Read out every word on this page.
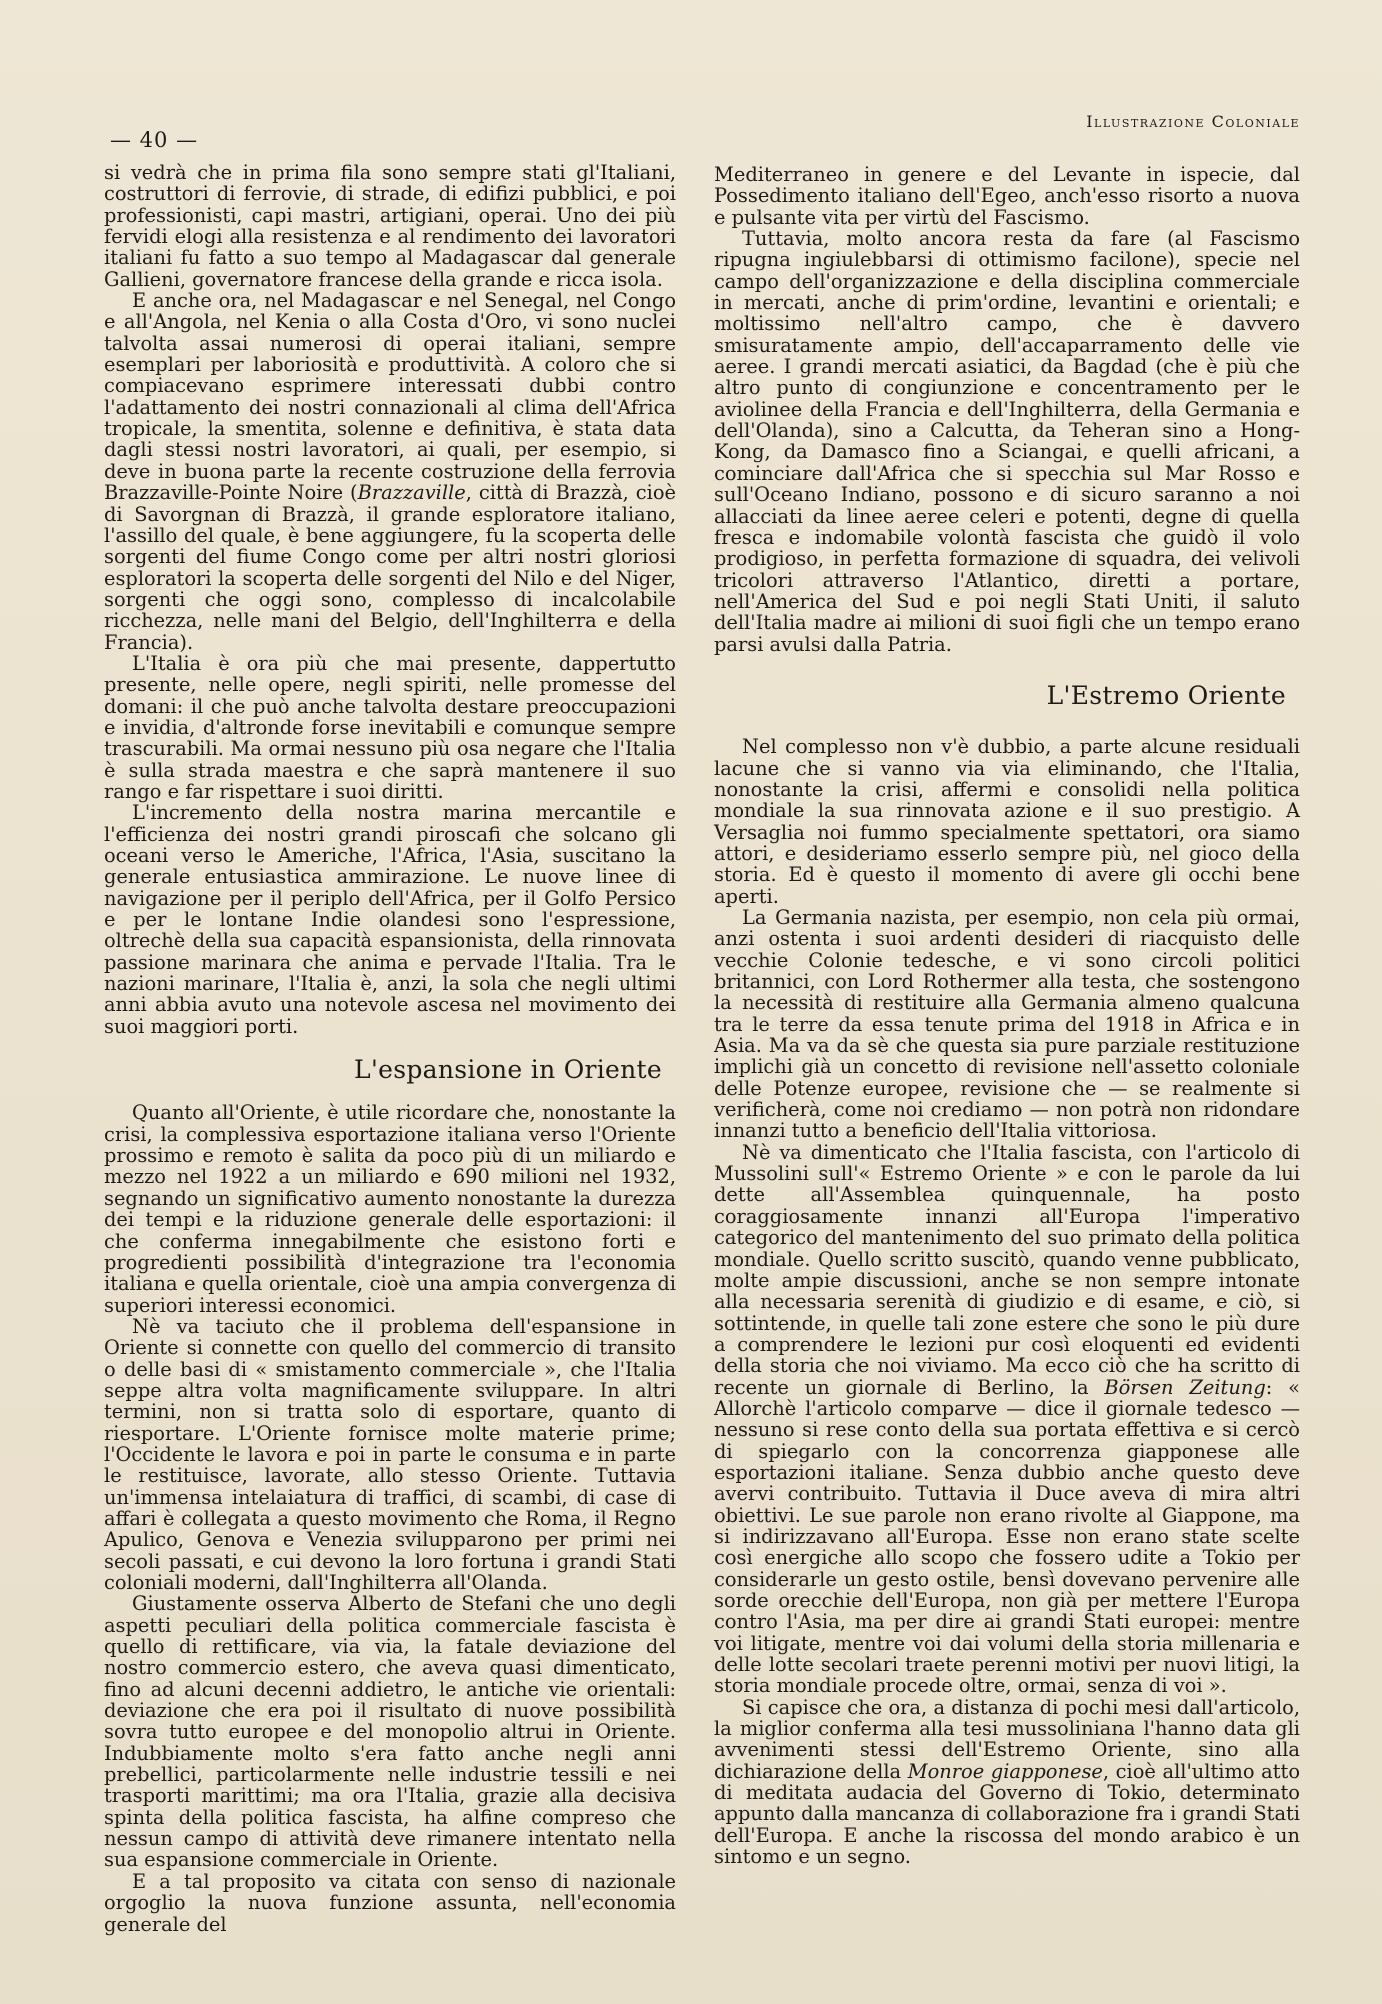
— 40 —
Illustrazione Coloniale

si vedrà che in prima fila sono sempre stati gl'Italiani, costruttori di ferrovie, di strade, di edifizi pubblici, e poi professionisti, capi mastri, artigiani, operai. Uno dei più fervidi elogi alla resistenza e al rendimento dei lavoratori italiani fu fatto a suo tempo al Madagascar dal generale Gallieni, governatore francese della grande e ricca isola.

E anche ora, nel Madagascar e nel Senegal, nel Congo e all'Angola, nel Kenia o alla Costa d'Oro, vi sono nuclei talvolta assai numerosi di operai italiani, sempre esemplari per laboriosità e produttività. A coloro che si compiacevano esprimere interessati dubbi contro l'adattamento dei nostri connazionali al clima dell'Africa tropicale, la smentita, solenne e definitiva, è stata data dagli stessi nostri lavoratori, ai quali, per esempio, si deve in buona parte la recente costruzione della ferrovia Brazzaville-Pointe Noire (Brazzaville, città di Brazzà, cioè di Savorgnan di Brazzà, il grande esploratore italiano, l'assillo del quale, è bene aggiungere, fu la scoperta delle sorgenti del fiume Congo come per altri nostri gloriosi esploratori la scoperta delle sorgenti del Nilo e del Niger, sorgenti che oggi sono, complesso di incalcolabile ricchezza, nelle mani del Belgio, dell'Inghilterra e della Francia).

L'Italia è ora più che mai presente, dappertutto presente, nelle opere, negli spiriti, nelle promesse del domani: il che può anche talvolta destare preoccupazioni e invidia, d'altronde forse inevitabili e comunque sempre trascurabili. Ma ormai nessuno più osa negare che l'Italia è sulla strada maestra e che saprà mantenere il suo rango e far rispettare i suoi diritti.

L'incremento della nostra marina mercantile e l'efficienza dei nostri grandi piroscafi che solcano gli oceani verso le Americhe, l'Africa, l'Asia, suscitano la generale entusiastica ammirazione. Le nuove linee di navigazione per il periplo dell'Africa, per il Golfo Persico e per le lontane Indie olandesi sono l'espressione, oltrechè della sua capacità espansionista, della rinnovata passione marinara che anima e pervade l'Italia. Tra le nazioni marinare, l'Italia è, anzi, la sola che negli ultimi anni abbia avuto una notevole ascesa nel movimento dei suoi maggiori porti.

L'espansione in Oriente

Quanto all'Oriente, è utile ricordare che, nonostante la crisi, la complessiva esportazione italiana verso l'Oriente prossimo e remoto è salita da poco più di un miliardo e mezzo nel 1922 a un miliardo e 690 milioni nel 1932, segnando un significativo aumento nonostante la durezza dei tempi e la riduzione generale delle esportazioni: il che conferma innegabilmente che esistono forti e progredienti possibilità d'integrazione tra l'economia italiana e quella orientale, cioè una ampia convergenza di superiori interessi economici.

Nè va taciuto che il problema dell'espansione in Oriente si connette con quello del commercio di transito o delle basi di « smistamento commerciale », che l'Italia seppe altra volta magnificamente sviluppare. In altri termini, non si tratta solo di esportare, quanto di riesportare. L'Oriente fornisce molte materie prime; l'Occidente le lavora e poi in parte le consuma e in parte le restituisce, lavorate, allo stesso Oriente. Tuttavia un'immensa intelaiatura di traffici, di scambi, di case di affari è collegata a questo movimento che Roma, il Regno Apulico, Genova e Venezia svilupparono per primi nei secoli passati, e cui devono la loro fortuna i grandi Stati coloniali moderni, dall'Inghilterra all'Olanda.

Giustamente osserva Alberto de Stefani che uno degli aspetti peculiari della politica commerciale fascista è quello di rettificare, via via, la fatale deviazione del nostro commercio estero, che aveva quasi dimenticato, fino ad alcuni decenni addietro, le antiche vie orientali: deviazione che era poi il risultato di nuove possibilità sovra tutto europee e del monopolio altrui in Oriente. Indubbiamente molto s'era fatto anche negli anni prebellici, particolarmente nelle industrie tessili e nei trasporti marittimi; ma ora l'Italia, grazie alla decisiva spinta della politica fascista, ha alfine compreso che nessun campo di attività deve rimanere intentato nella sua espansione commerciale in Oriente.

E a tal proposito va citata con senso di nazionale orgoglio la nuova funzione assunta, nell'economia generale del

Mediterraneo in genere e del Levante in ispecie, dal Possedimento italiano dell'Egeo, anch'esso risorto a nuova e pulsante vita per virtù del Fascismo.

Tuttavia, molto ancora resta da fare (al Fascismo ripugna ingiulebbarsi di ottimismo facilone), specie nel campo dell'organizzazione e della disciplina commerciale in mercati, anche di prim'ordine, levantini e orientali; e moltissimo nell'altro campo, che è davvero smisuratamente ampio, dell'accaparramento delle vie aeree. I grandi mercati asiatici, da Bagdad (che è più che altro punto di congiunzione e concentramento per le aviolinee della Francia e dell'Inghilterra, della Germania e dell'Olanda), sino a Calcutta, da Teheran sino a Hong-Kong, da Damasco fino a Sciangai, e quelli africani, a cominciare dall'Africa che si specchia sul Mar Rosso e sull'Oceano Indiano, possono e di sicuro saranno a noi allacciati da linee aeree celeri e potenti, degne di quella fresca e indomabile volontà fascista che guidò il volo prodigioso, in perfetta formazione di squadra, dei velivoli tricolori attraverso l'Atlantico, diretti a portare, nell'America del Sud e poi negli Stati Uniti, il saluto dell'Italia madre ai milioni di suoi figli che un tempo erano parsi avulsi dalla Patria.

L'Estremo Oriente

Nel complesso non v'è dubbio, a parte alcune residuali lacune che si vanno via via eliminando, che l'Italia, nonostante la crisi, affermi e consolidi nella politica mondiale la sua rinnovata azione e il suo prestigio. A Versaglia noi fummo specialmente spettatori, ora siamo attori, e desideriamo esserlo sempre più, nel gioco della storia. Ed è questo il momento di avere gli occhi bene aperti.

La Germania nazista, per esempio, non cela più ormai, anzi ostenta i suoi ardenti desideri di riacquisto delle vecchie Colonie tedesche, e vi sono circoli politici britannici, con Lord Rothermer alla testa, che sostengono la necessità di restituire alla Germania almeno qualcuna tra le terre da essa tenute prima del 1918 in Africa e in Asia. Ma va da sè che questa sia pure parziale restituzione implichi già un concetto di revisione nell'assetto coloniale delle Potenze europee, revisione che — se realmente si verificherà, come noi crediamo — non potrà non ridondare innanzi tutto a beneficio dell'Italia vittoriosa.

Nè va dimenticato che l'Italia fascista, con l'articolo di Mussolini sull'« Estremo Oriente » e con le parole da lui dette all'Assemblea quinquennale, ha posto coraggiosamente innanzi all'Europa l'imperativo categorico del mantenimento del suo primato della politica mondiale. Quello scritto suscitò, quando venne pubblicato, molte ampie discussioni, anche se non sempre intonate alla necessaria serenità di giudizio e di esame, e ciò, si sottintende, in quelle tali zone estere che sono le più dure a comprendere le lezioni pur così eloquenti ed evidenti della storia che noi viviamo. Ma ecco ciò che ha scritto di recente un giornale di Berlino, la Börsen Zeitung: « Allorchè l'articolo comparve — dice il giornale tedesco — nessuno si rese conto della sua portata effettiva e si cercò di spiegarlo con la concorrenza giapponese alle esportazioni italiane. Senza dubbio anche questo deve avervi contribuito. Tuttavia il Duce aveva di mira altri obiettivi. Le sue parole non erano rivolte al Giappone, ma si indirizzavano all'Europa. Esse non erano state scelte così energiche allo scopo che fossero udite a Tokio per considerarle un gesto ostile, bensì dovevano pervenire alle sorde orecchie dell'Europa, non già per mettere l'Europa contro l'Asia, ma per dire ai grandi Stati europei: mentre voi litigate, mentre voi dai volumi della storia millenaria e delle lotte secolari traete perenni motivi per nuovi litigi, la storia mondiale procede oltre, ormai, senza di voi ».

Si capisce che ora, a distanza di pochi mesi dall'articolo, la miglior conferma alla tesi mussoliniana l'hanno data gli avvenimenti stessi dell'Estremo Oriente, sino alla dichiarazione della Monroe giapponese, cioè all'ultimo atto di meditata audacia del Governo di Tokio, determinato appunto dalla mancanza di collaborazione fra i grandi Stati dell'Europa. E anche la riscossa del mondo arabico è un sintomo e un segno.
